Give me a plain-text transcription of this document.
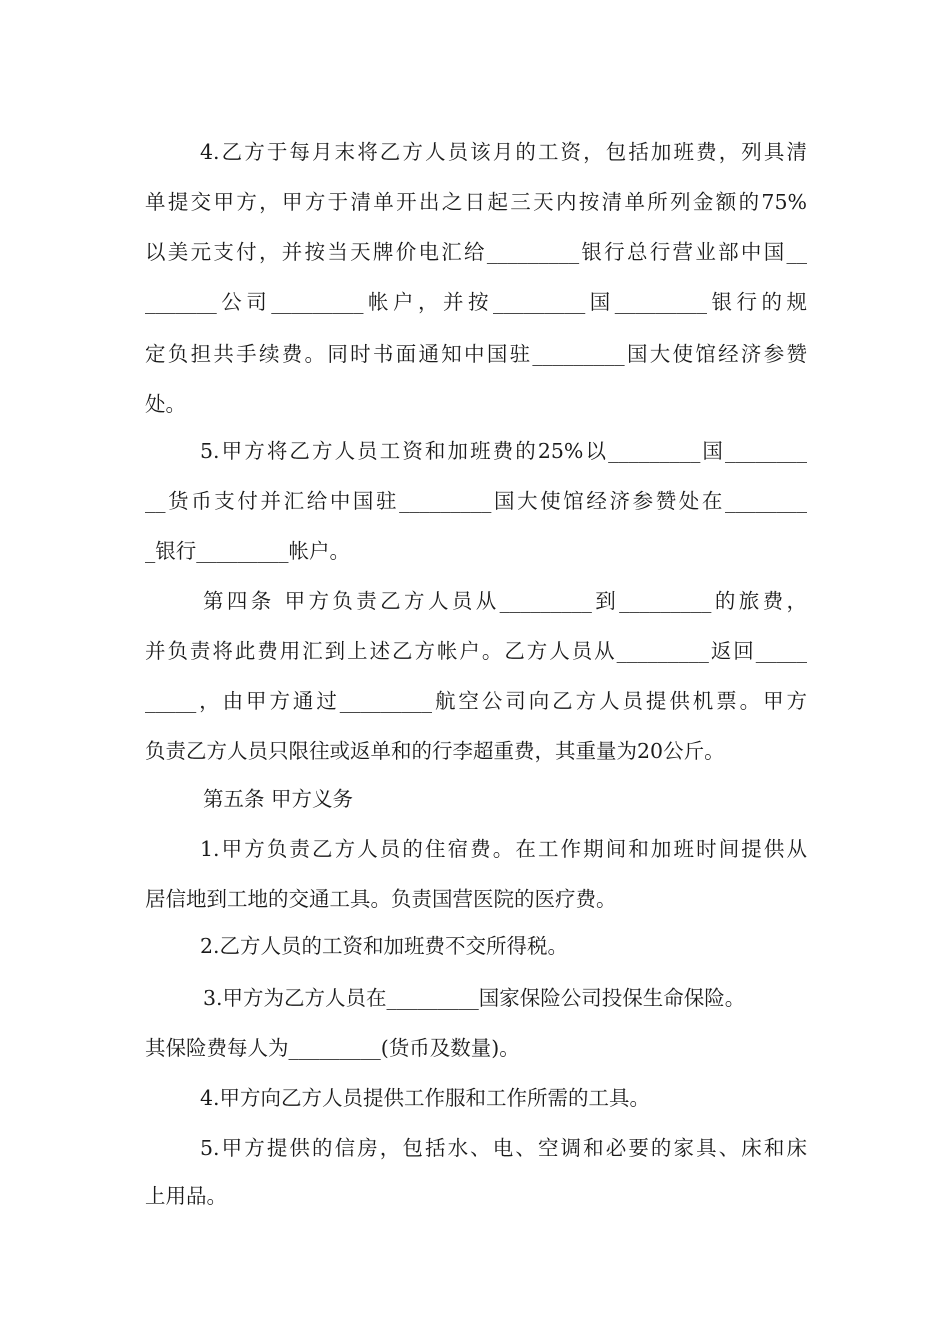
4.乙方于每月末将乙方人员该月的工资，包括加班费，列具清

单提交甲方，甲方于清单开出之日起三天内按清单所列金额的75%

以美元支付，并按当天牌价电汇给_________银行总行营业部中国__

_______公司_________帐户，并按_________国_________银行的规

定负担共手续费。同时书面通知中国驻_________国大使馆经济参赞

处。

5.甲方将乙方人员工资和加班费的25%以_________国________

__货币支付并汇给中国驻_________国大使馆经济参赞处在________

_银行_________帐户。

第四条 甲方负责乙方人员从_________到_________的旅费，

并负责将此费用汇到上述乙方帐户。乙方人员从_________返回_____

_____，由甲方通过_________航空公司向乙方人员提供机票。甲方

负责乙方人员只限往或返单和的行李超重费，其重量为20公斤。

第五条 甲方义务

1.甲方负责乙方人员的住宿费。在工作期间和加班时间提供从

居信地到工地的交通工具。负责国营医院的医疗费。

2.乙方人员的工资和加班费不交所得税。

3.甲方为乙方人员在_________国家保险公司投保生命保险。

其保险费每人为_________(货币及数量)。

4.甲方向乙方人员提供工作服和工作所需的工具。

5.甲方提供的信房，包括水、电、空调和必要的家具、床和床

上用品。
